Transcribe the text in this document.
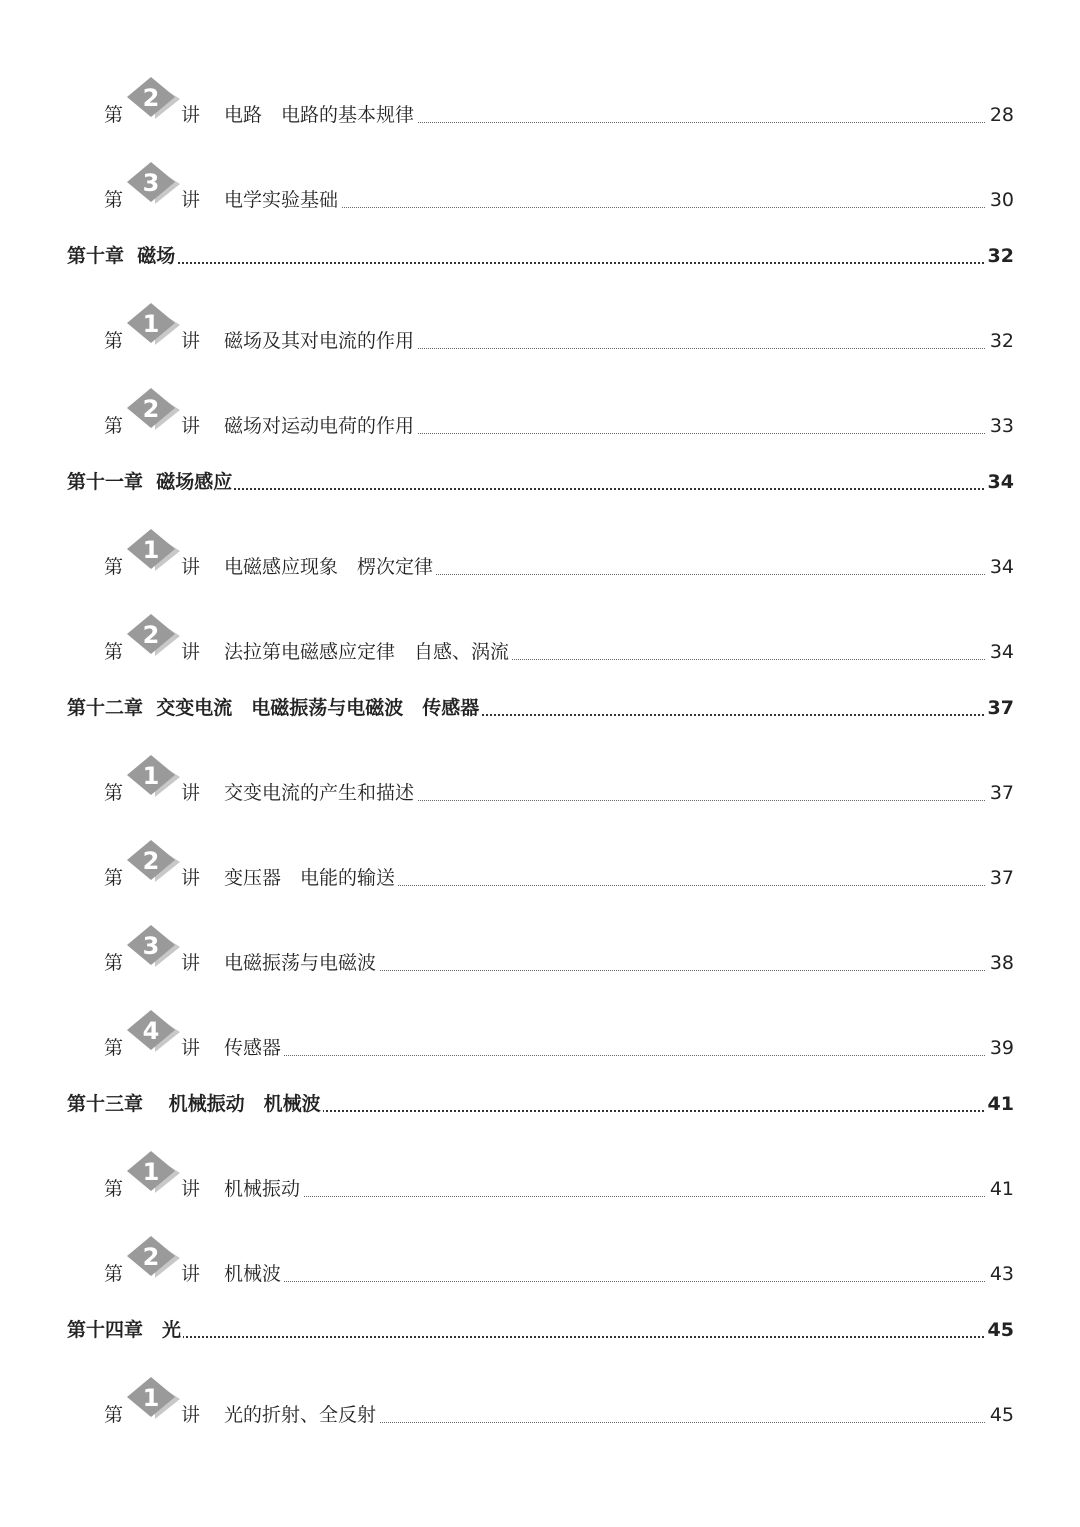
第
2
讲 电路　电路的基本规律	28
第
3
讲 电学实验基础	30
第十章  磁场	32
第
1
讲 磁场及其对电流的作用	32
第
2
讲 磁场对运动电荷的作用	33
第十一章  磁场感应	34
第
1
讲 电磁感应现象　楞次定律	34
第
2
讲 法拉第电磁感应定律　自感、涡流	34
第十二章  交变电流　电磁振荡与电磁波　传感器	37
第
1
讲 交变电流的产生和描述	37
第
2
讲 变压器　电能的输送	37
第
3
讲 电磁振荡与电磁波	38
第
4
讲 传感器	39
第十三章　 机械振动　机械波	41
第
1
讲 机械振动	41
第
2
讲 机械波	43
第十四章　光	45
第
1
讲 光的折射、全反射	45
